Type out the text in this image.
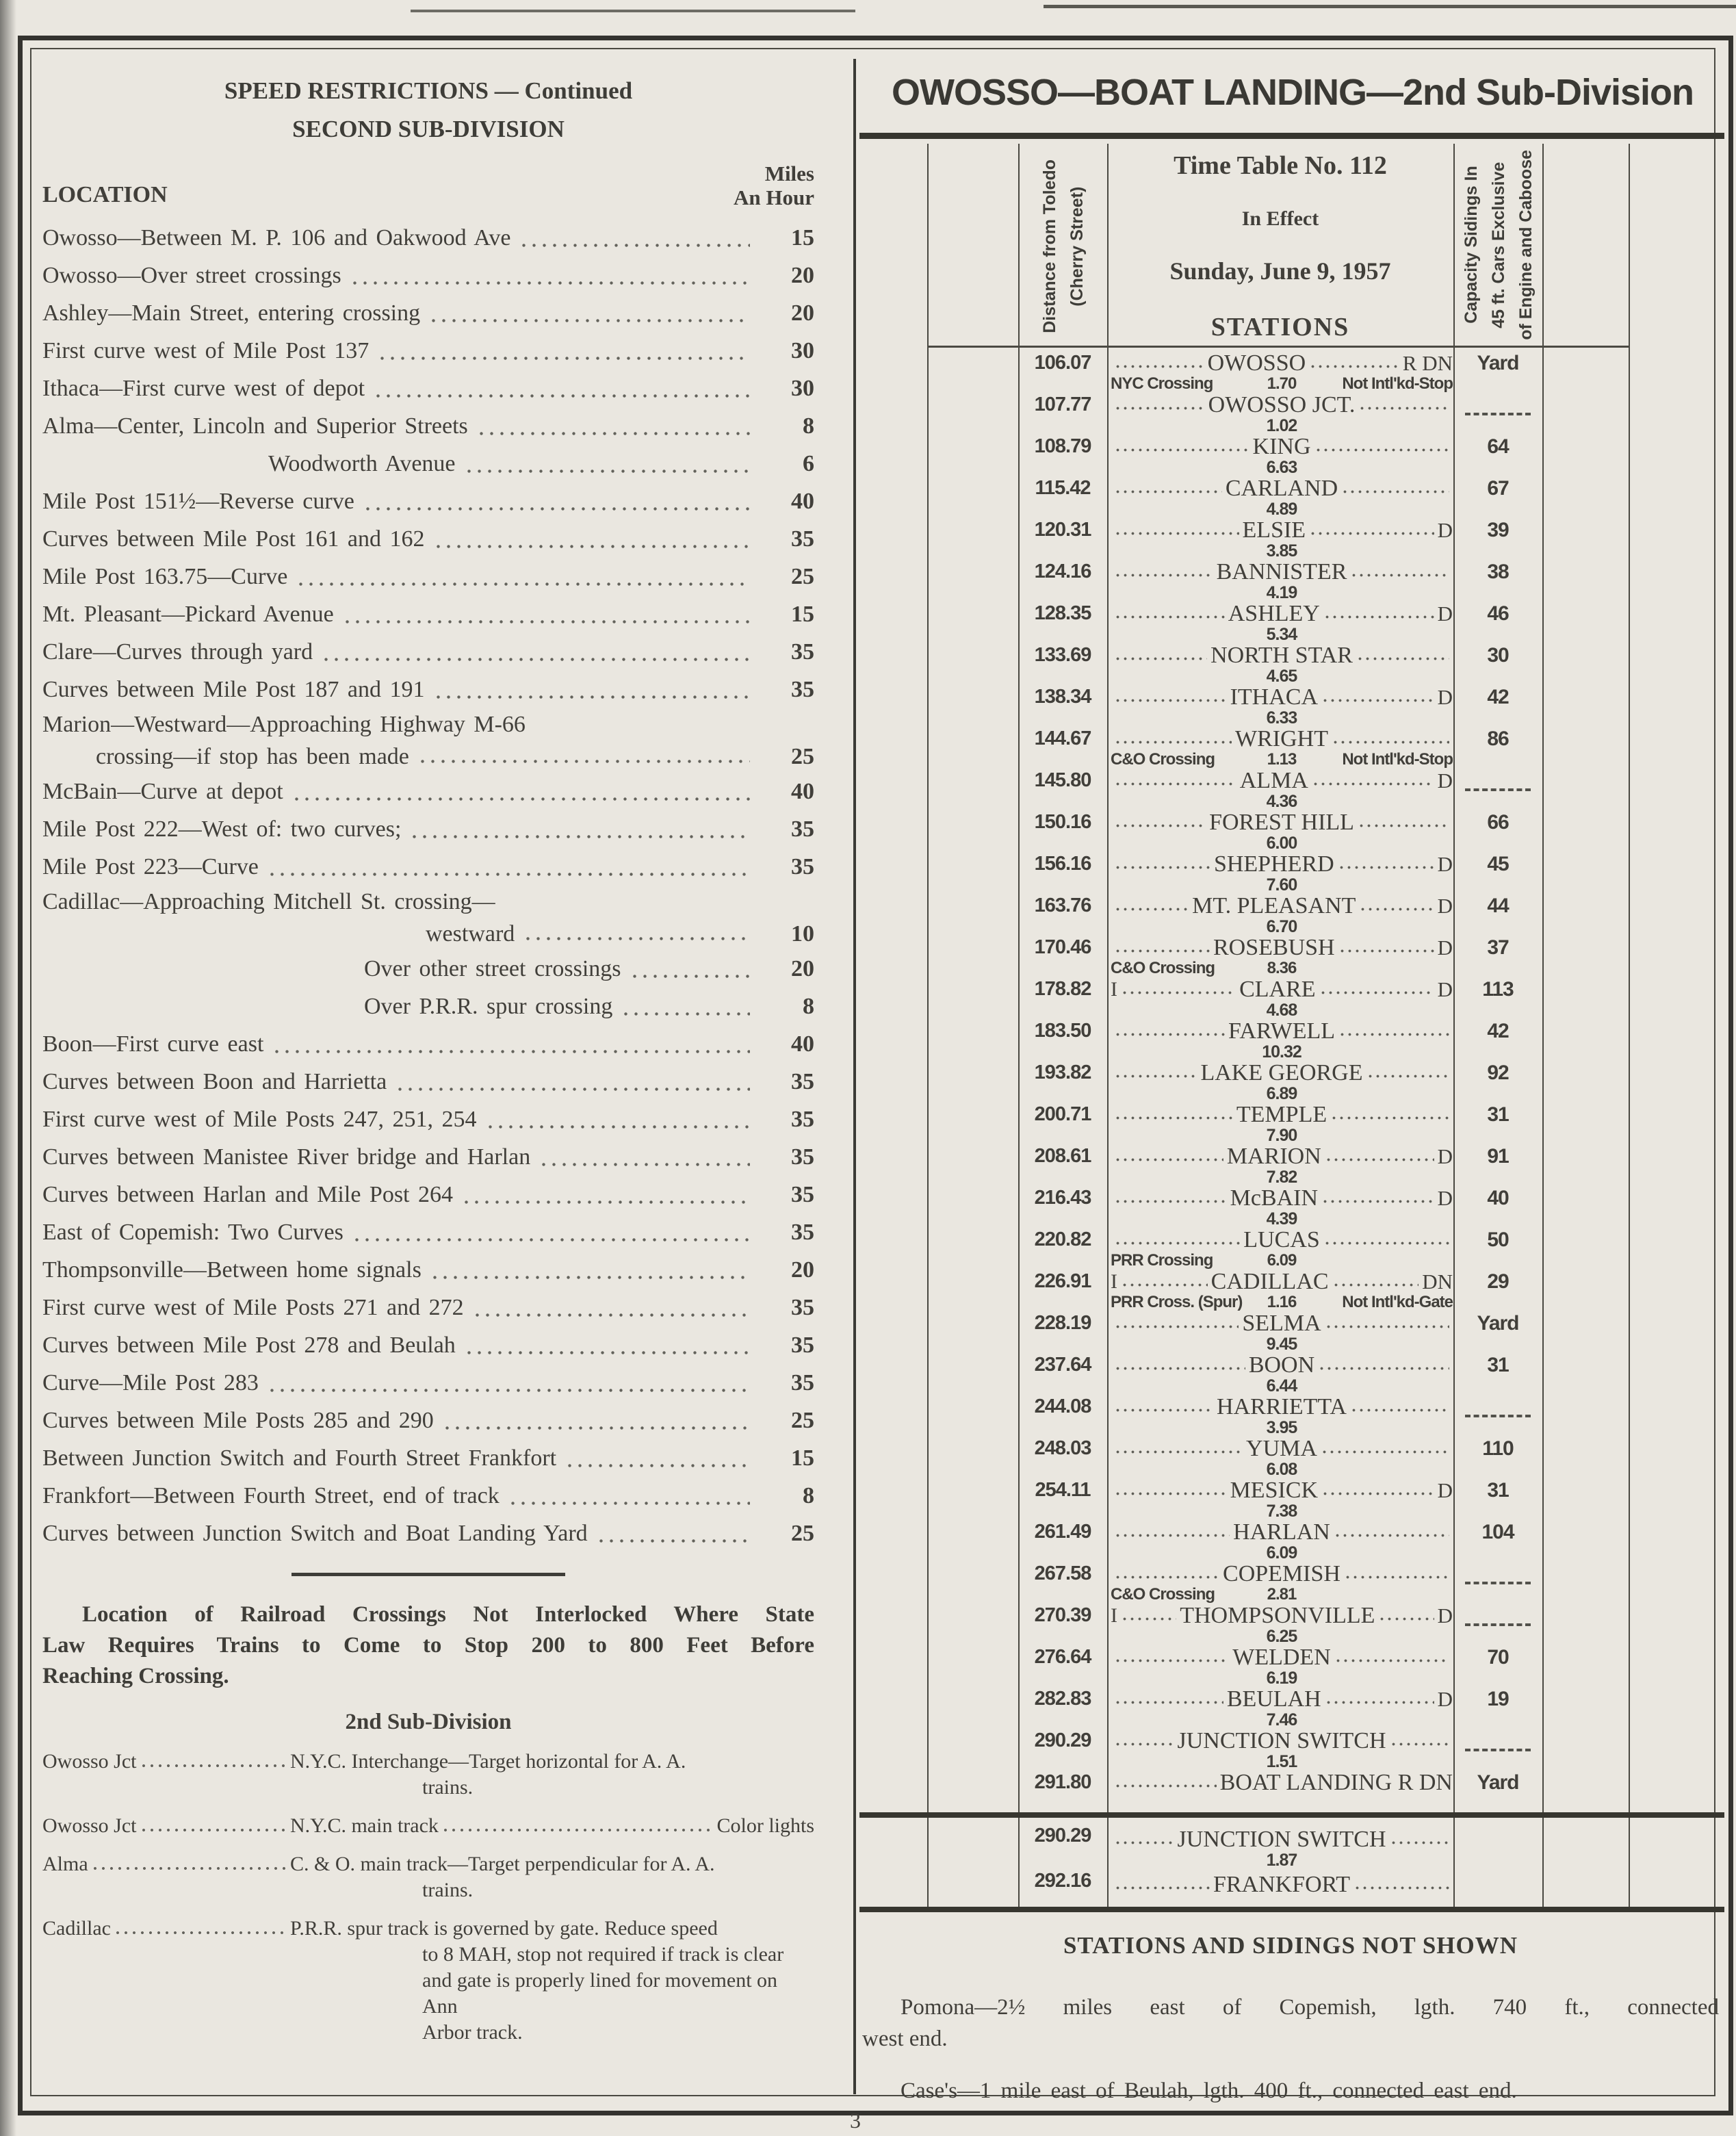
SPEED RESTRICTIONS — Continued
SECOND SUB-DIVISION
LOCATION
Miles
An Hour
Owosso—Between M. P. 106 and Oakwood Ave	15
Owosso—Over street crossings	20
Ashley—Main Street, entering crossing	20
First curve west of Mile Post 137	30
Ithaca—First curve west of depot	30
Alma—Center, Lincoln and Superior Streets	8
Woodworth Avenue	6
Mile Post 151½—Reverse curve	40
Curves between Mile Post 161 and 162	35
Mile Post 163.75—Curve	25
Mt. Pleasant—Pickard Avenue	15
Clare—Curves through yard	35
Curves between Mile Post 187 and 191	35
Marion—Westward—Approaching Highway M-66
crossing—if stop has been made	25
McBain—Curve at depot	40
Mile Post 222—West of: two curves;	35
Mile Post 223—Curve	35
Cadillac—Approaching Mitchell St. crossing—
westward	10
Over other street crossings	20
Over P.R.R. spur crossing	8
Boon—First curve east	40
Curves between Boon and Harrietta	35
First curve west of Mile Posts 247, 251, 254	35
Curves between Manistee River bridge and Harlan	35
Curves between Harlan and Mile Post 264	35
East of Copemish: Two Curves	35
Thompsonville—Between home signals	20
First curve west of Mile Posts 271 and 272	35
Curves between Mile Post 278 and Beulah	35
Curve—Mile Post 283	35
Curves between Mile Posts 285 and 290	25
Between Junction Switch and Fourth Street Frankfort	15
Frankfort—Between Fourth Street, end of track	8
Curves between Junction Switch and Boat Landing Yard	25
Location of Railroad Crossings Not Interlocked Where State
Law Requires Trains to Come to Stop 200 to 800 Feet Before
Reaching Crossing.
2nd Sub-Division
Owosso Jct	N.Y.C. Interchange—Target horizontal for A. A.
trains.
Owosso Jct	N.Y.C. main track	Color lights
Alma	C. & O. main track—Target perpendicular for A. A.
trains.
Cadillac	P.R.R. spur track is governed by gate. Reduce speed
to 8 MAH, stop not required if track is clear
and gate is properly lined for movement on Ann
Arbor track.
OWOSSO—BOAT LANDING—2nd Sub-Division
Distance from Toledo (Cherry Street)
Time Table No. 112
In Effect
Sunday, June 9, 1957
STATIONS
Capacity Sidings In 45 ft. Cars Exclusive of Engine and Caboose
106.07	OWOSSO	R DN	Yard
NYC Crossing	1.70	Not Intl'kd-Stop
107.77	OWOSSO JCT.
1.02
108.79	KING	64
6.63
115.42	CARLAND	67
4.89
120.31	ELSIE	D	39
3.85
124.16	BANNISTER	38
4.19
128.35	ASHLEY	D	46
5.34
133.69	NORTH STAR	30
4.65
138.34	ITHACA	D	42
6.33
144.67	WRIGHT	86
C&O Crossing	1.13	Not Intl'kd-Stop
145.80	ALMA	D
4.36
150.16	FOREST HILL	66
6.00
156.16	SHEPHERD	D	45
7.60
163.76	MT. PLEASANT	D	44
6.70
170.46	ROSEBUSH	D	37
C&O Crossing	8.36
178.82 I	CLARE	D	113
4.68
183.50	FARWELL	42
10.32
193.82	LAKE GEORGE	92
6.89
200.71	TEMPLE	31
7.90
208.61	MARION	D	91
7.82
216.43	McBAIN	D	40
4.39
220.82	LUCAS	50
PRR Crossing	6.09
226.91 I	CADILLAC	DN	29
PRR Cross. (Spur)	1.16	Not Intl'kd-Gate
228.19	SELMA	Yard
9.45
237.64	BOON	31
6.44
244.08	HARRIETTA
3.95
248.03	YUMA	110
6.08
254.11	MESICK	D	31
7.38
261.49	HARLAN	104
6.09
267.58	COPEMISH
C&O Crossing	2.81
270.39 I	THOMPSONVILLE	D
6.25
276.64	WELDEN	70
6.19
282.83	BEULAH	D	19
7.46
290.29	JUNCTION SWITCH
1.51
291.80	BOAT LANDING R DN	Yard
290.29	JUNCTION SWITCH
1.87
292.16	FRANKFORT
STATIONS AND SIDINGS NOT SHOWN
Pomona—2½ miles east of Copemish, lgth. 740 ft., connected
west end.
Case's—1 mile east of Beulah, lgth. 400 ft., connected east end.
3
